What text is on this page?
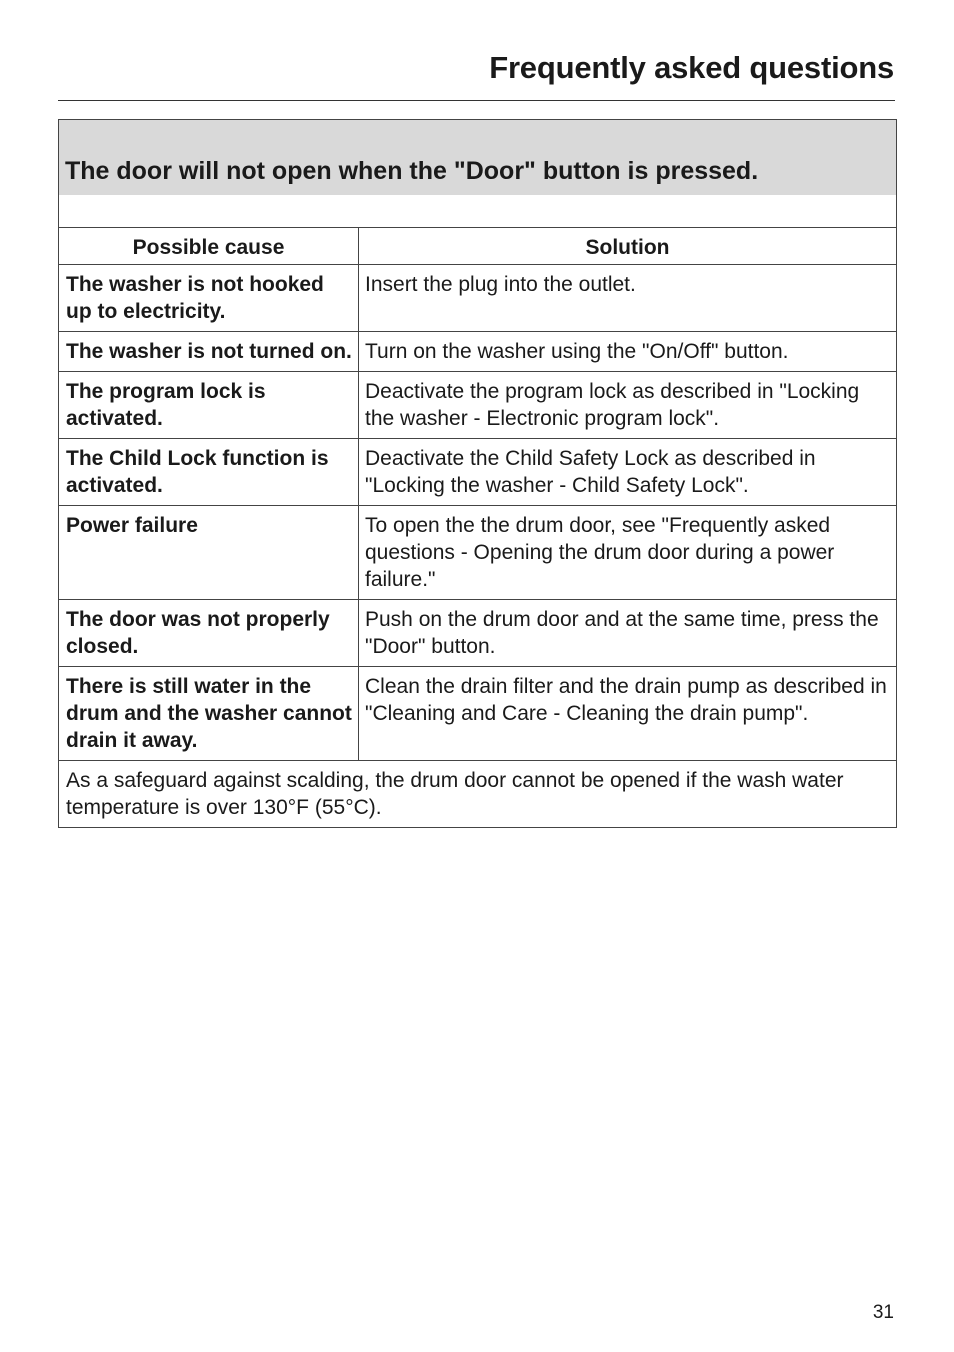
Frequently asked questions
The door will not open when the "Door" button is pressed.	

Possible cause	Solution
The washer is not hooked up to electricity.	Insert the plug into the outlet.
The washer is not turned on.	Turn on the washer using the "On/Off" button.
The program lock is activated.	Deactivate the program lock as described in "Locking the washer - Electronic program lock".
The Child Lock function is activated.	Deactivate the Child Safety Lock as described in "Locking the washer - Child Safety Lock".
Power failure	To open the the drum door, see "Frequently asked questions - Opening the drum door during a power failure."
The door was not properly closed.	Push on the drum door and at the same time, press the "Door" button.
There is still water in the drum and the washer cannot drain it away.	Clean the drain filter and the drain pump as described in "Cleaning and Care - Cleaning the drain pump".
As a safeguard against scalding, the drum door cannot be opened if the wash water temperature is over 130°F (55°C).	
31
